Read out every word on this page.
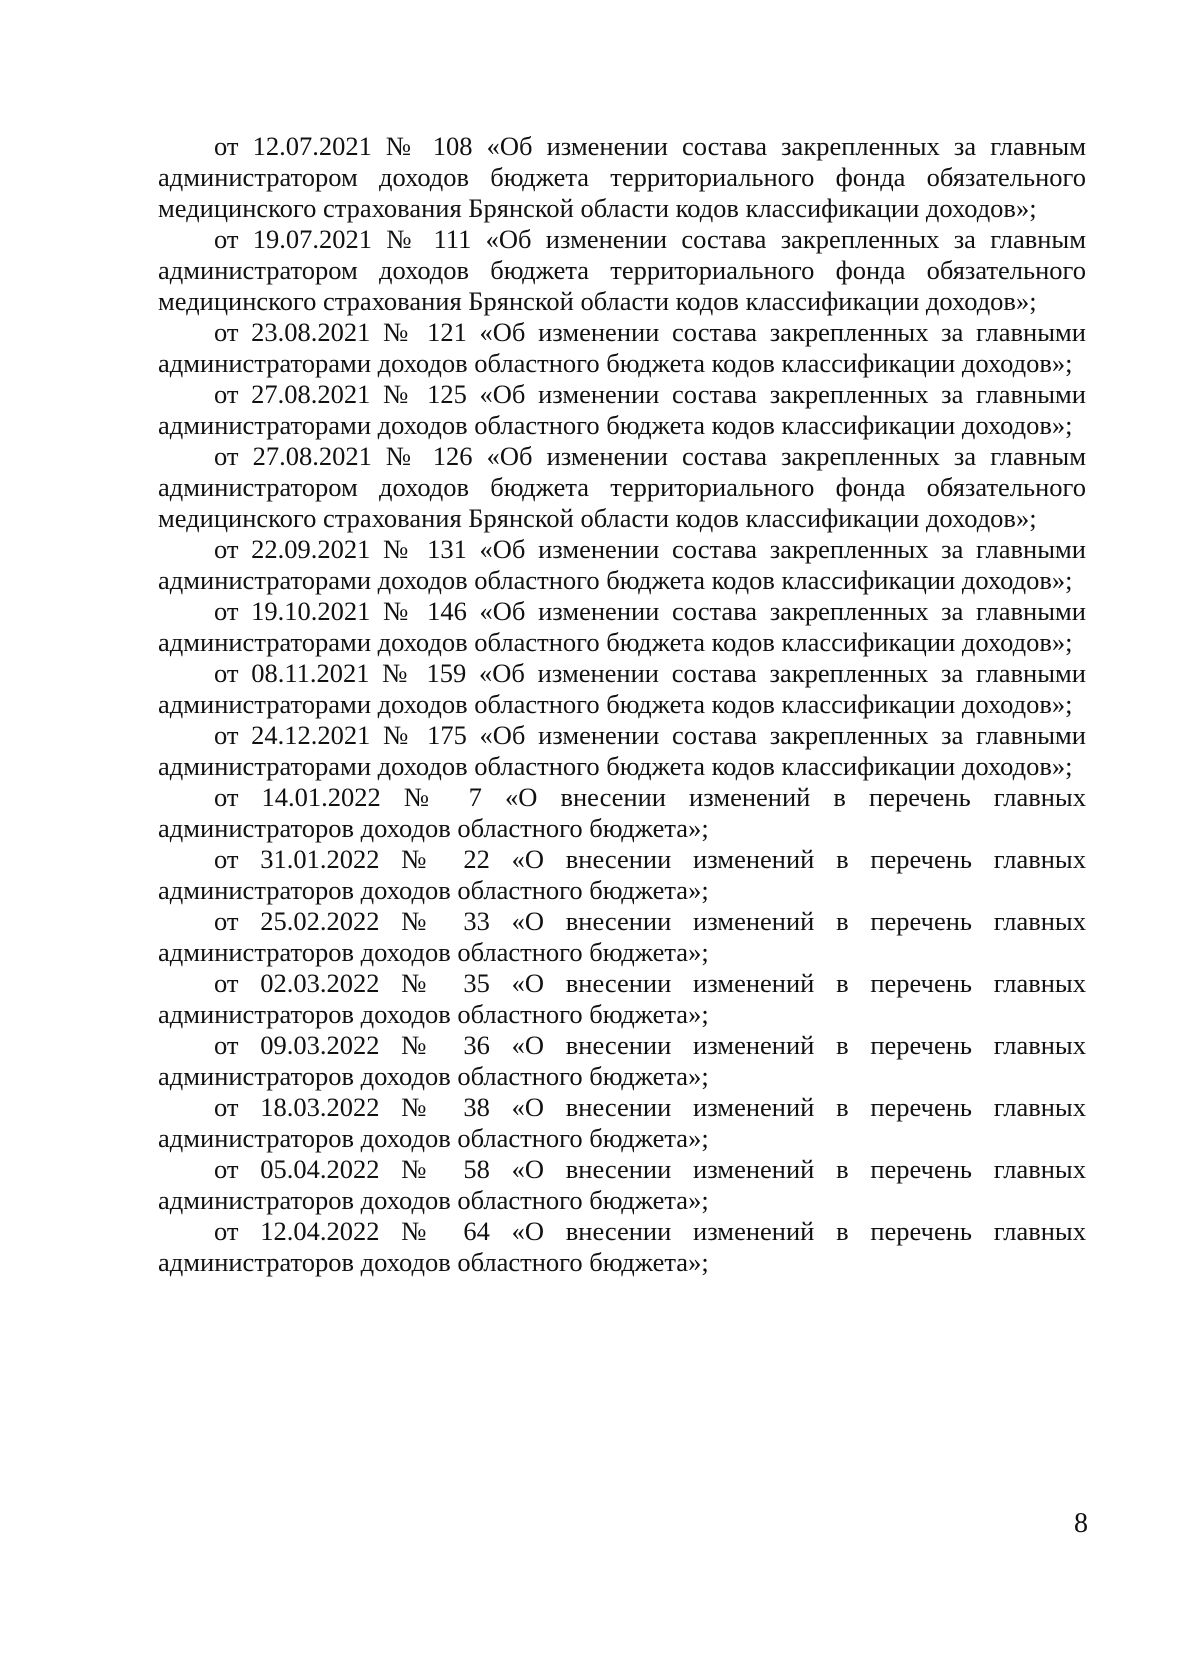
от 12.07.2021 № 108 «Об изменении состава закрепленных за главным администратором доходов бюджета территориального фонда обязательного медицинского страхования Брянской области кодов классификации доходов»;

от 19.07.2021 № 111 «Об изменении состава закрепленных за главным администратором доходов бюджета территориального фонда обязательного медицинского страхования Брянской области кодов классификации доходов»;

от 23.08.2021 № 121 «Об изменении состава закрепленных за главными администраторами доходов областного бюджета кодов классификации доходов»;

от 27.08.2021 № 125 «Об изменении состава закрепленных за главными администраторами доходов областного бюджета кодов классификации доходов»;

от 27.08.2021 № 126 «Об изменении состава закрепленных за главным администратором доходов бюджета территориального фонда обязательного медицинского страхования Брянской области кодов классификации доходов»;

от 22.09.2021 № 131 «Об изменении состава закрепленных за главными администраторами доходов областного бюджета кодов классификации доходов»;

от 19.10.2021 № 146 «Об изменении состава закрепленных за главными администраторами доходов областного бюджета кодов классификации доходов»;

от 08.11.2021 № 159 «Об изменении состава закрепленных за главными администраторами доходов областного бюджета кодов классификации доходов»;

от 24.12.2021 № 175 «Об изменении состава закрепленных за главными администраторами доходов областного бюджета кодов классификации доходов»;

от 14.01.2022 № 7 «О внесении изменений в перечень главных администраторов доходов областного бюджета»;

от 31.01.2022 № 22 «О внесении изменений в перечень главных администраторов доходов областного бюджета»;

от 25.02.2022 № 33 «О внесении изменений в перечень главных администраторов доходов областного бюджета»;

от 02.03.2022 № 35 «О внесении изменений в перечень главных администраторов доходов областного бюджета»;

от 09.03.2022 № 36 «О внесении изменений в перечень главных администраторов доходов областного бюджета»;

от 18.03.2022 № 38 «О внесении изменений в перечень главных администраторов доходов областного бюджета»;

от 05.04.2022 № 58 «О внесении изменений в перечень главных администраторов доходов областного бюджета»;

от 12.04.2022 № 64 «О внесении изменений в перечень главных администраторов доходов областного бюджета»;

8
